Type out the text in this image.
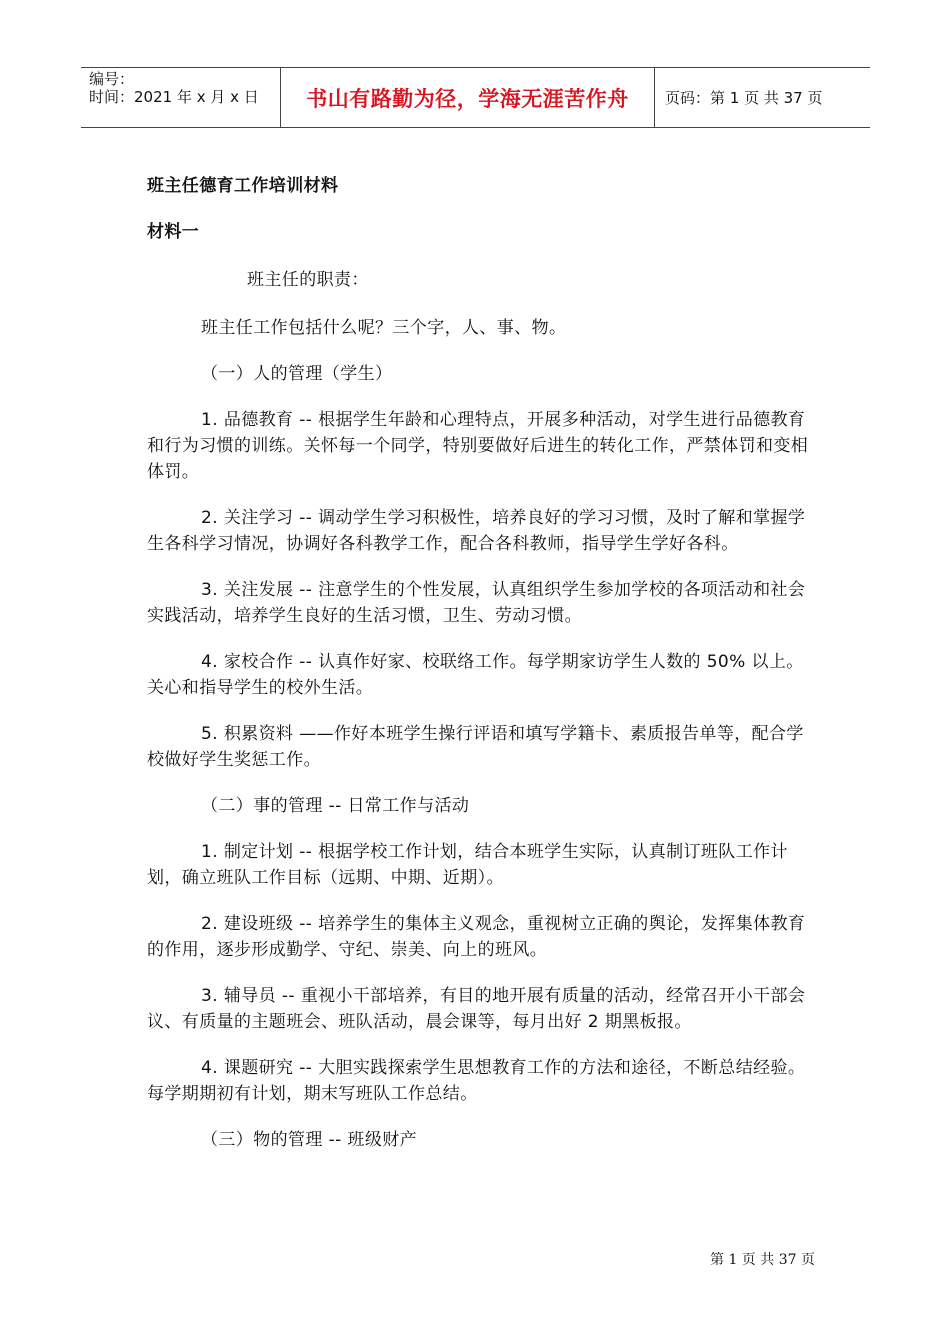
编号：
时间：2021 年 x 月 x 日	书山有路勤为径，学海无涯苦作舟	页码：第 1 页 共 37 页

班主任德育工作培训材料

材料一

班主任的职责：

班主任工作包括什么呢？三个字，人、事、物。

（一）人的管理（学生）

1. 品德教育 -- 根据学生年龄和心理特点，开展多种活动，对学生进行品德教育和行为习惯的训练。关怀每一个同学，特别要做好后进生的转化工作，严禁体罚和变相体罚。

2. 关注学习 -- 调动学生学习积极性，培养良好的学习习惯，及时了解和掌握学生各科学习情况，协调好各科教学工作，配合各科教师，指导学生学好各科。

3. 关注发展 -- 注意学生的个性发展，认真组织学生参加学校的各项活动和社会实践活动，培养学生良好的生活习惯，卫生、劳动习惯。

4. 家校合作 -- 认真作好家、校联络工作。每学期家访学生人数的 50% 以上。关心和指导学生的校外生活。

5. 积累资料 ——作好本班学生操行评语和填写学籍卡、素质报告单等，配合学校做好学生奖惩工作。

（二）事的管理 -- 日常工作与活动

1. 制定计划 -- 根据学校工作计划，结合本班学生实际，认真制订班队工作计划，确立班队工作目标（远期、中期、近期）。

2. 建设班级 -- 培养学生的集体主义观念，重视树立正确的舆论，发挥集体教育的作用，逐步形成勤学、守纪、崇美、向上的班风。

3. 辅导员 -- 重视小干部培养，有目的地开展有质量的活动，经常召开小干部会议、有质量的主题班会、班队活动，晨会课等，每月出好 2 期黑板报。

4. 课题研究 -- 大胆实践探索学生思想教育工作的方法和途径，不断总结经验。每学期期初有计划，期末写班队工作总结。

（三）物的管理 -- 班级财产

第 1 页 共 37 页
